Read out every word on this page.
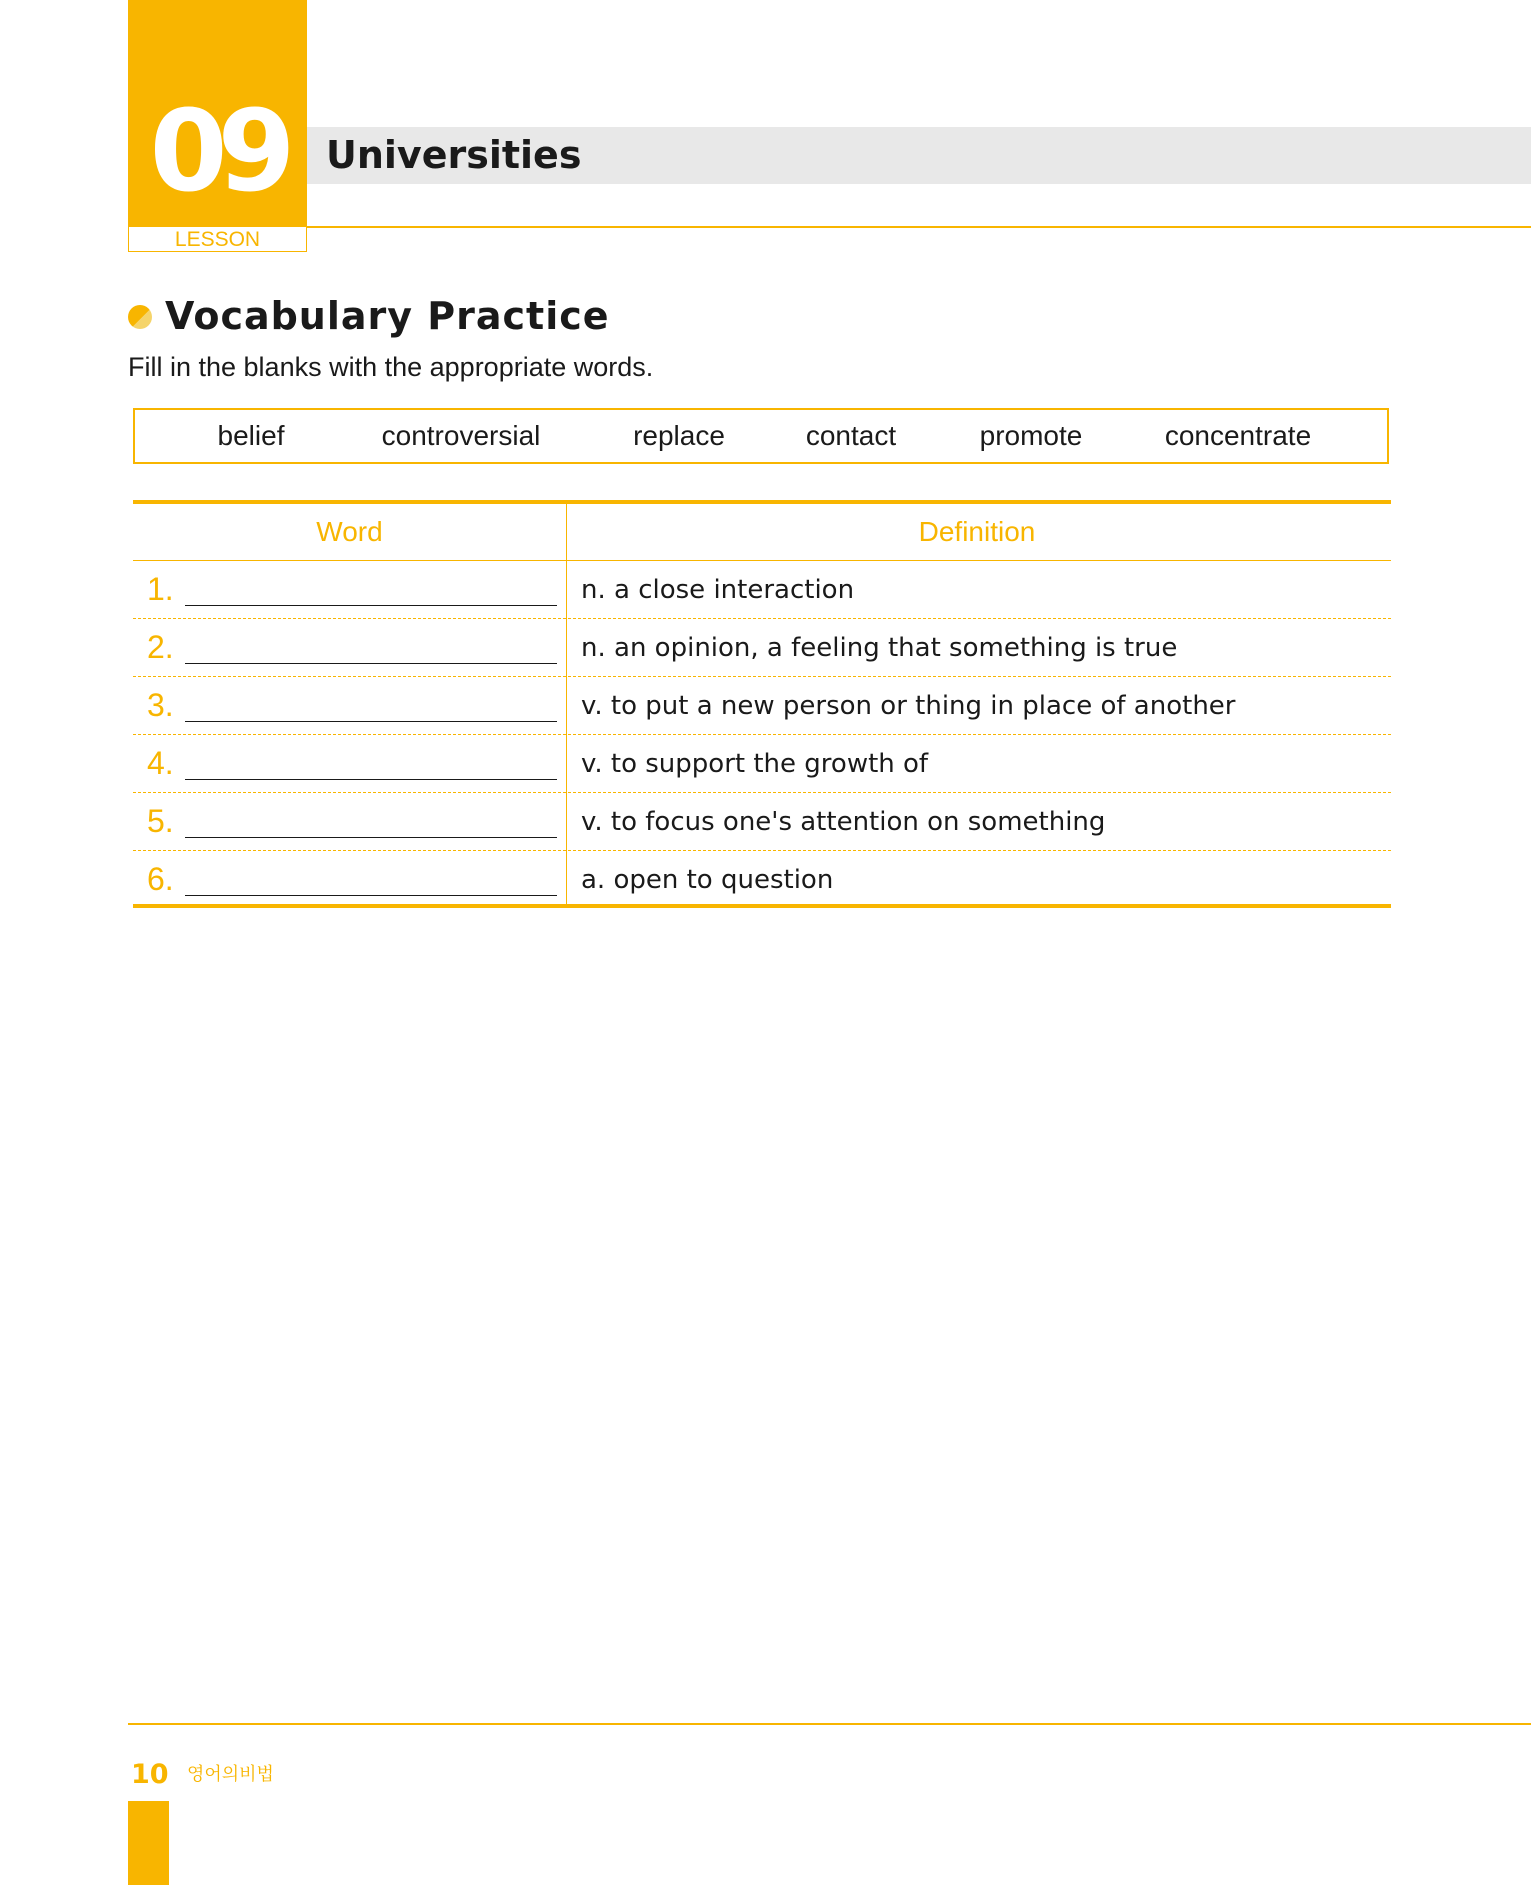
09
LESSON
Universities
Vocabulary Practice
Fill in the blanks with the appropriate words.
belief	controversial	replace	contact	promote	concentrate
Word	Definition
1.	n. a close interaction
2.	n. an opinion, a feeling that something is true
3.	v. to put a new person or thing in place of another
4.	v. to support the growth of
5.	v. to focus one's attention on something
6.	a. open to question
10 영어의비법
